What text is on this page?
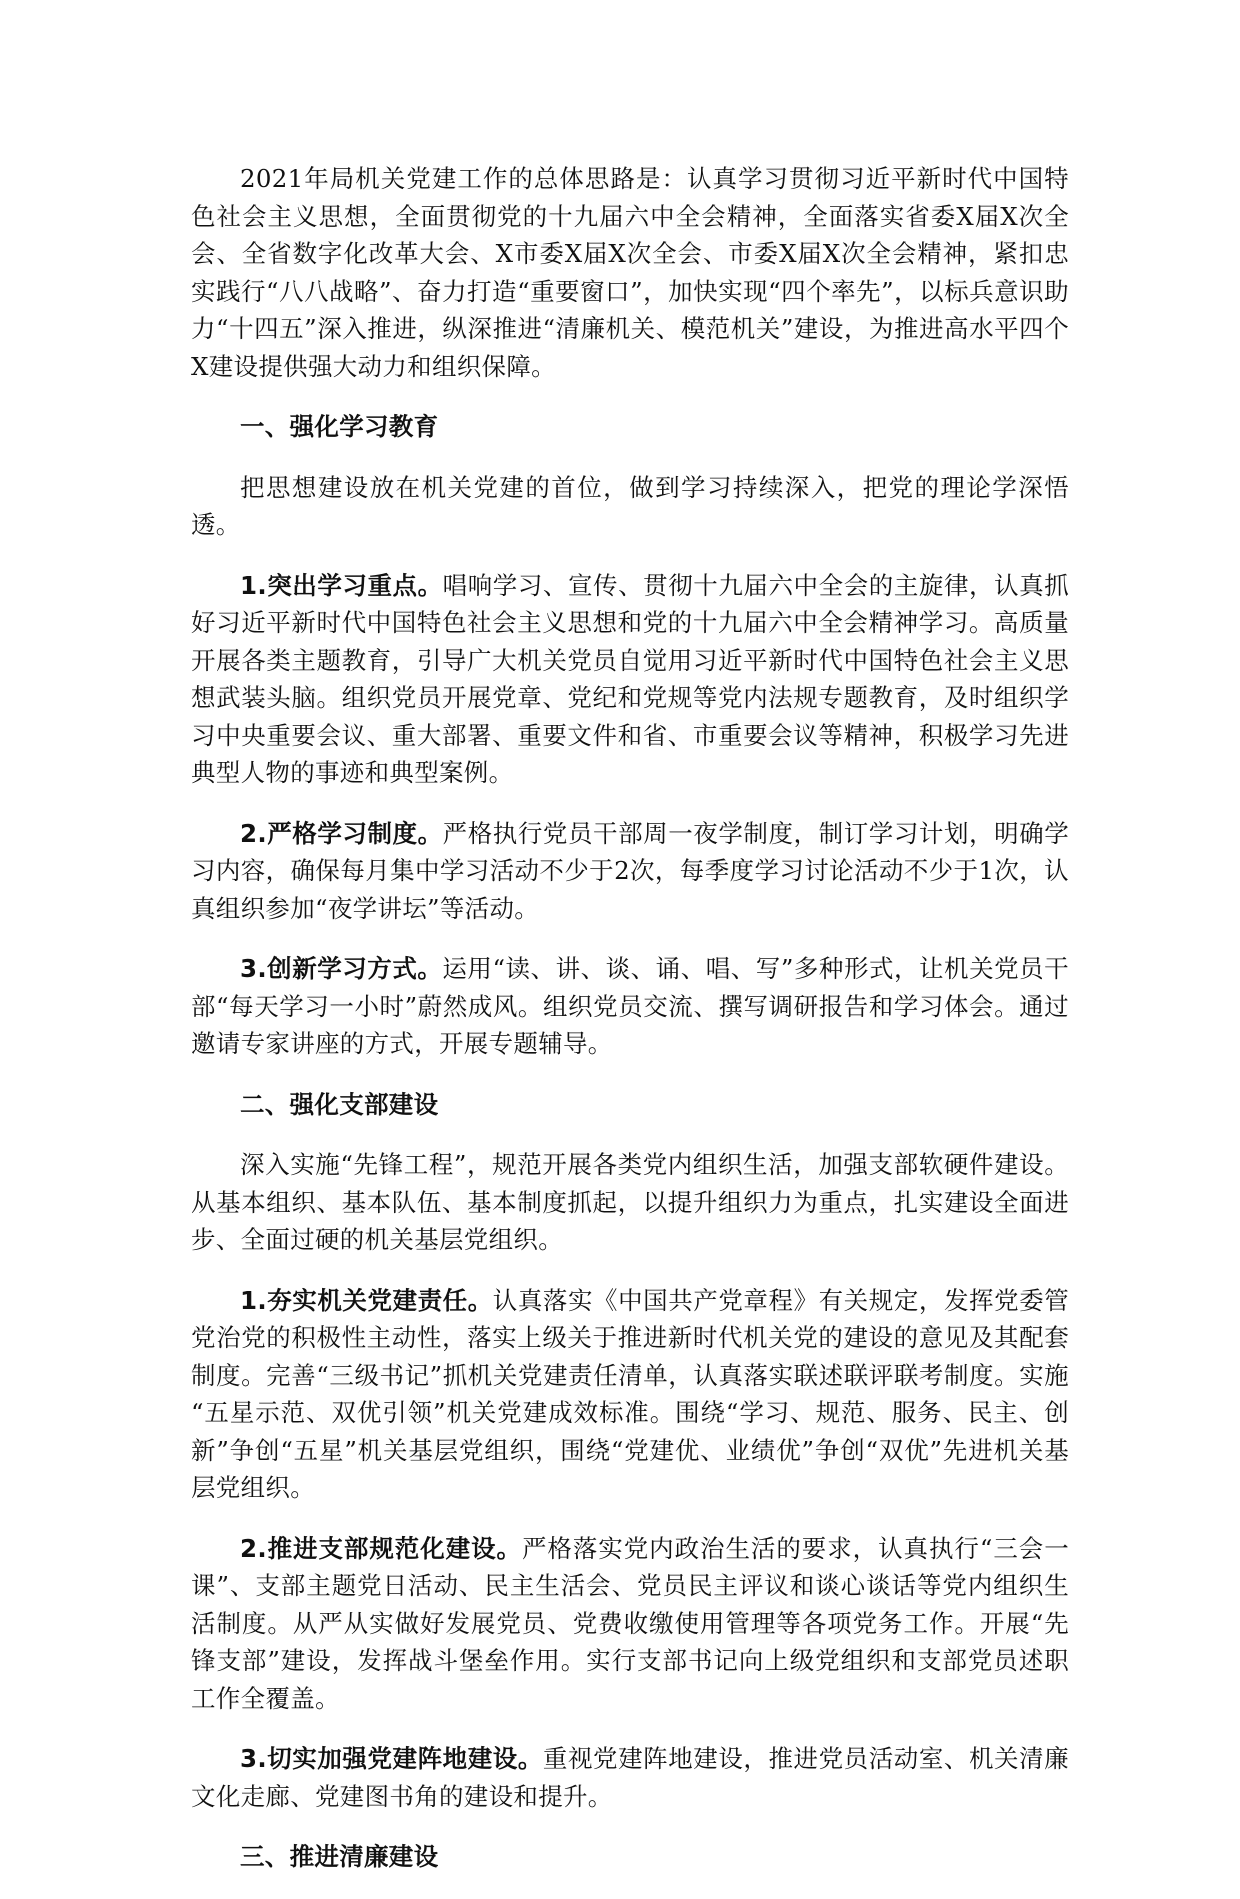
2021年局机关党建工作的总体思路是：认真学习贯彻习近平新时代中国特色社会主义思想，全面贯彻党的十九届六中全会精神，全面落实省委X届X次全会、全省数字化改革大会、X市委X届X次全会、市委X届X次全会精神，紧扣忠实践行“八八战略”、奋力打造“重要窗口”，加快实现“四个率先”，以标兵意识助力“十四五”深入推进，纵深推进“清廉机关、模范机关”建设，为推进高水平四个X建设提供强大动力和组织保障。

一、强化学习教育

把思想建设放在机关党建的首位，做到学习持续深入，把党的理论学深悟透。

1.突出学习重点。唱响学习、宣传、贯彻十九届六中全会的主旋律，认真抓好习近平新时代中国特色社会主义思想和党的十九届六中全会精神学习。高质量开展各类主题教育，引导广大机关党员自觉用习近平新时代中国特色社会主义思想武装头脑。组织党员开展党章、党纪和党规等党内法规专题教育，及时组织学习中央重要会议、重大部署、重要文件和省、市重要会议等精神，积极学习先进典型人物的事迹和典型案例。

2.严格学习制度。严格执行党员干部周一夜学制度，制订学习计划，明确学习内容，确保每月集中学习活动不少于2次，每季度学习讨论活动不少于1次，认真组织参加“夜学讲坛”等活动。

3.创新学习方式。运用“读、讲、谈、诵、唱、写”多种形式，让机关党员干部“每天学习一小时”蔚然成风。组织党员交流、撰写调研报告和学习体会。通过邀请专家讲座的方式，开展专题辅导。

二、强化支部建设

深入实施“先锋工程”，规范开展各类党内组织生活，加强支部软硬件建设。从基本组织、基本队伍、基本制度抓起，以提升组织力为重点，扎实建设全面进步、全面过硬的机关基层党组织。

1.夯实机关党建责任。认真落实《中国共产党章程》有关规定，发挥党委管党治党的积极性主动性，落实上级关于推进新时代机关党的建设的意见及其配套制度。完善“三级书记”抓机关党建责任清单，认真落实联述联评联考制度。实施 “五星示范、双优引领”机关党建成效标准。围绕“学习、规范、服务、民主、创新”争创“五星”机关基层党组织，围绕“党建优、业绩优”争创“双优”先进机关基层党组织。

2.推进支部规范化建设。严格落实党内政治生活的要求，认真执行“三会一课”、支部主题党日活动、民主生活会、党员民主评议和谈心谈话等党内组织生活制度。从严从实做好发展党员、党费收缴使用管理等各项党务工作。开展“先锋支部”建设，发挥战斗堡垒作用。实行支部书记向上级党组织和支部党员述职工作全覆盖。

3.切实加强党建阵地建设。重视党建阵地建设，推进党员活动室、机关清廉文化走廊、党建图书角的建设和提升。

三、推进清廉建设
